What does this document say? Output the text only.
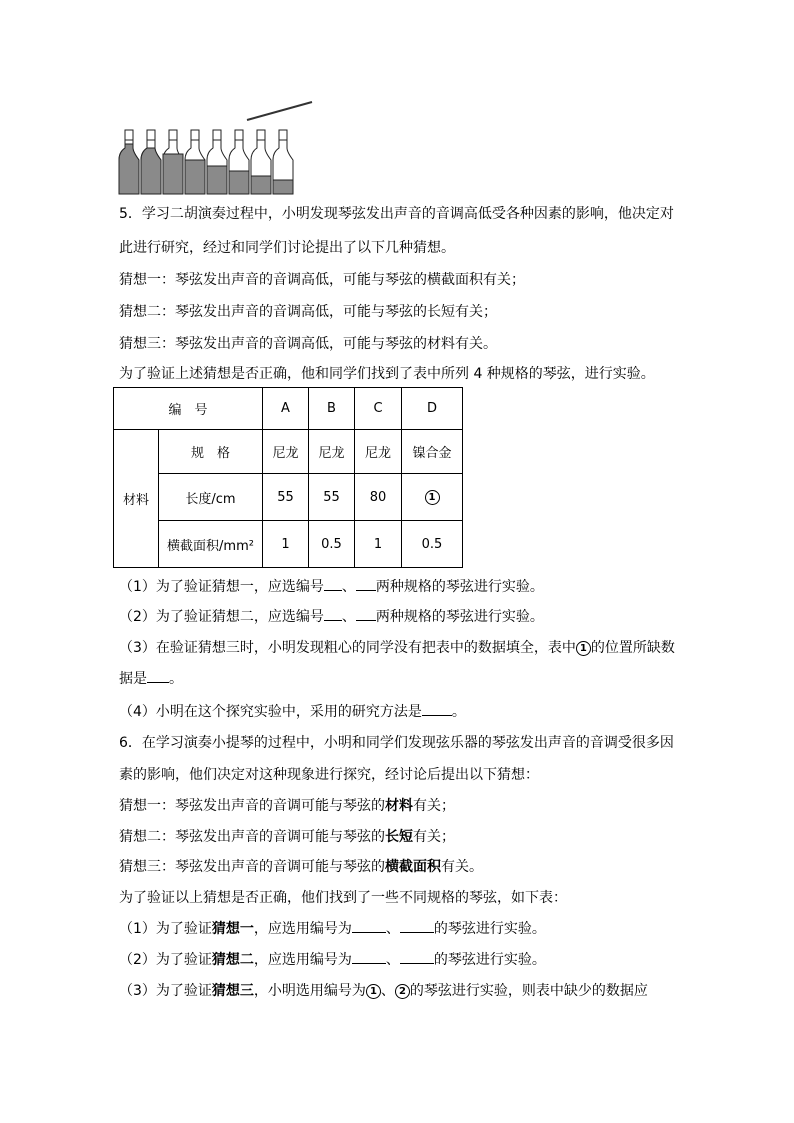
5．学习二胡演奏过程中，小明发现琴弦发出声音的音调高低受各种因素的影响，他决定对
此进行研究，经过和同学们讨论提出了以下几种猜想。
猜想一：琴弦发出声音的音调高低，可能与琴弦的横截面积有关；
猜想二：琴弦发出声音的音调高低，可能与琴弦的长短有关；
猜想三：琴弦发出声音的音调高低，可能与琴弦的材料有关。
为了验证上述猜想是否正确，他和同学们找到了表中所列 4 种规格的琴弦，进行实验。
编　号		A	B	C	D
材料	规　格	尼龙	尼龙	尼龙	镍合金
	长度/cm	55	55	80	1
	横截面积/mm²	1	0.5	1	0.5
（1）为了验证猜想一，应选编号 、 两种规格的琴弦进行实验。
（2）为了验证猜想二，应选编号 、 两种规格的琴弦进行实验。
（3）在验证猜想三时，小明发现粗心的同学没有把表中的数据填全，表中 1 的位置所缺数
据是 。
（4）小明在这个探究实验中，采用的研究方法是 。
6．在学习演奏小提琴的过程中，小明和同学们发现弦乐器的琴弦发出声音的音调受很多因
素的影响，他们决定对这种现象进行探究，经讨论后提出以下猜想：
猜想一：琴弦发出声音的音调可能与琴弦的材料有关；
猜想二：琴弦发出声音的音调可能与琴弦的长短有关；
猜想三：琴弦发出声音的音调可能与琴弦的横截面积有关。
为了验证以上猜想是否正确，他们找到了一些不同规格的琴弦，如下表：
（1）为了验证猜想一，应选用编号为 、 的琴弦进行实验。
（2）为了验证猜想二，应选用编号为 、 的琴弦进行实验。
（3）为了验证猜想三，小明选用编号为 1 、 2 的琴弦进行实验，则表中缺少的数据应
